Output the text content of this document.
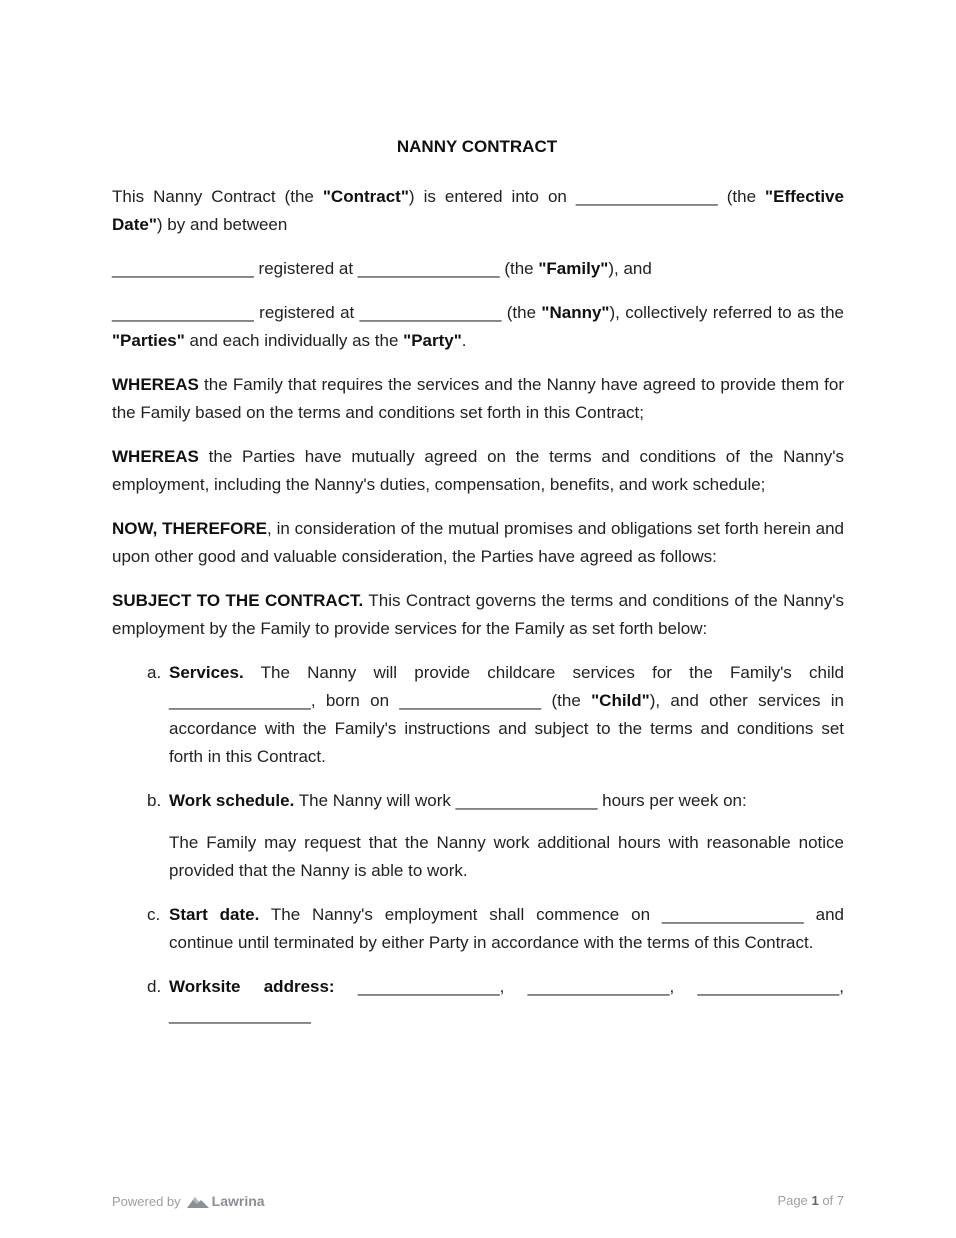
NANNY CONTRACT

This Nanny Contract (the "Contract") is entered into on _______________ (the "Effective Date") by and between

_______________ registered at _______________ (the "Family"), and

_______________ registered at _______________ (the "Nanny"), collectively referred to as the "Parties" and each individually as the "Party".

WHEREAS the Family that requires the services and the Nanny have agreed to provide them for the Family based on the terms and conditions set forth in this Contract;

WHEREAS the Parties have mutually agreed on the terms and conditions of the Nanny's employment, including the Nanny's duties, compensation, benefits, and work schedule;

NOW, THEREFORE, in consideration of the mutual promises and obligations set forth herein and upon other good and valuable consideration, the Parties have agreed as follows:

SUBJECT TO THE CONTRACT. This Contract governs the terms and conditions of the Nanny's employment by the Family to provide services for the Family as set forth below:

a. Services. The Nanny will provide childcare services for the Family's child _______________, born on _______________ (the "Child"), and other services in accordance with the Family's instructions and subject to the terms and conditions set forth in this Contract.
b. Work schedule. The Nanny will work _______________ hours per week on:

The Family may request that the Nanny work additional hours with reasonable notice provided that the Nanny is able to work.

c. Start date. The Nanny's employment shall commence on _______________ and continue until terminated by either Party in accordance with the terms of this Contract.
d. Worksite address: _______________, _______________, _______________, _______________
Powered by Lawrina	Page 1 of 7
